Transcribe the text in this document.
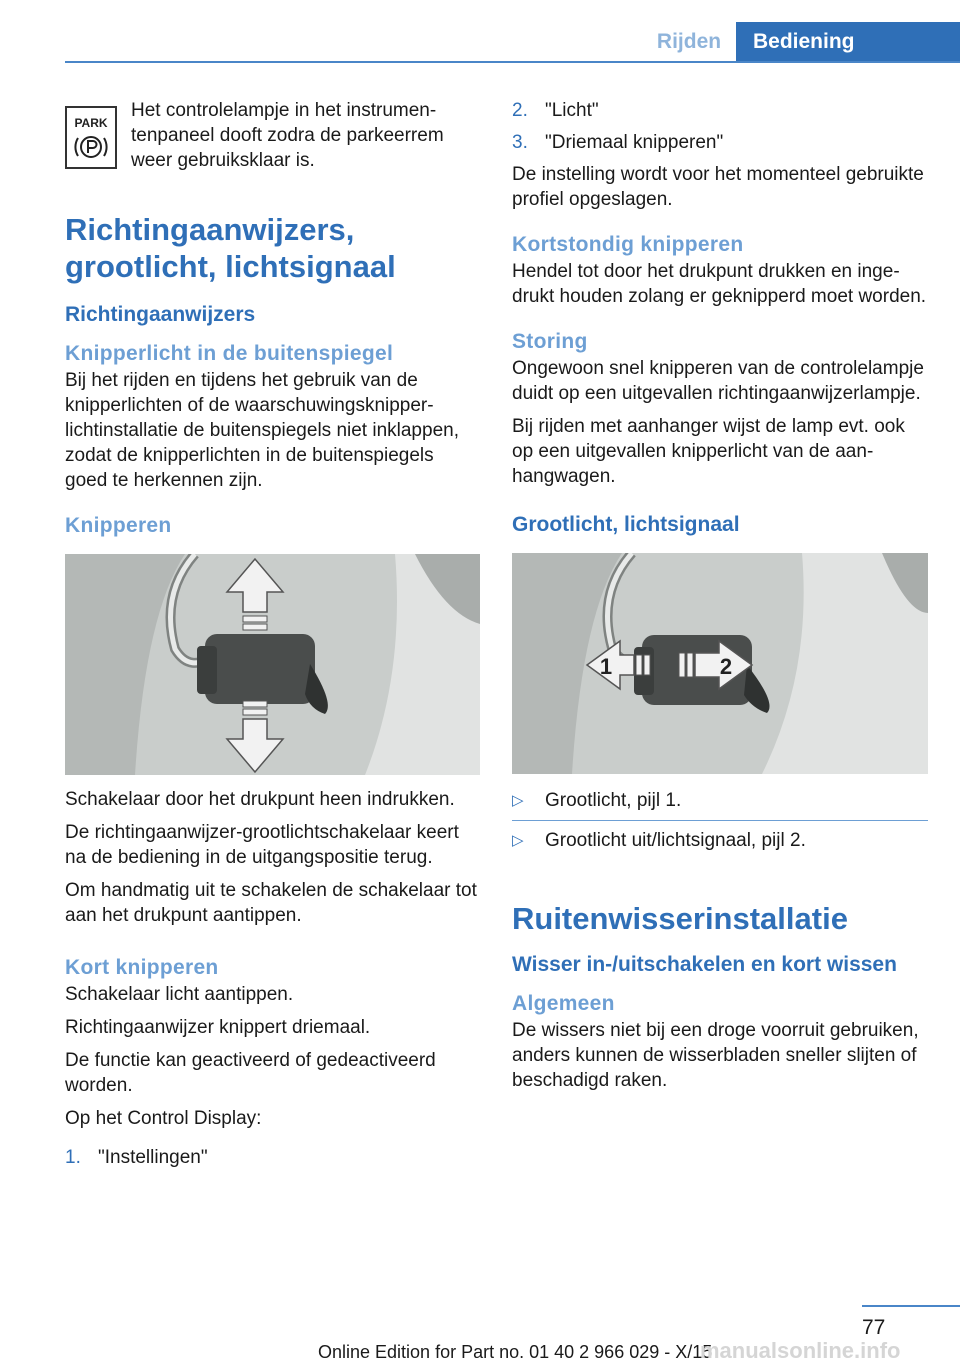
Rijden	Bediening
PARK

Het controlelampje in het instrumentenpaneel dooft zodra de parkeerrem weer gebruiksklaar is.

Richtingaanwijzers, grootlicht, lichtsignaal
Richtingaanwijzers
Knipperlicht in de buitenspiegel

Bij het rijden en tijdens het gebruik van de knipperlichten of de waarschuwingsknipperlichtinstallatie de buitenspiegels niet inklappen, zodat de knipperlichten in de buitenspiegels goed te herkennen zijn.

Knipperen

Schakelaar door het drukpunt heen indrukken.

De richtingaanwijzer-grootlichtschakelaar keert na de bediening in de uitgangspositie terug.

Om handmatig uit te schakelen de schakelaar tot aan het drukpunt aantippen.

Kort knipperen

Schakelaar licht aantippen.

Richtingaanwijzer knippert driemaal.

De functie kan geactiveerd of gedeactiveerd worden.

Op het Control Display:

1. "Instellingen"
2. "Licht"
3. "Driemaal knipperen"

De instelling wordt voor het momenteel gebruikte profiel opgeslagen.

Kortstondig knipperen

Hendel tot door het drukpunt drukken en ingedrukt houden zolang er geknipperd moet worden.

Storing

Ongewoon snel knipperen van de controlelampje duidt op een uitgevallen richtingaanwijzerlampje.

Bij rijden met aanhanger wijst de lamp evt. ook op een uitgevallen knipperlicht van de aanhangwagen.

Grootlicht, lichtsignaal
1	2
▷	Grootlicht, pijl 1.
▷	Grootlicht uit/lichtsignaal, pijl 2.
Ruitenwisserinstallatie
Wisser in-/uitschakelen en kort wissen
Algemeen

De wissers niet bij een droge voorruit gebruiken, anders kunnen de wisserbladen sneller slijten of beschadigd raken.

77
Online Edition for Part no. 01 40 2 966 029 - X/15
manualsonline.info
